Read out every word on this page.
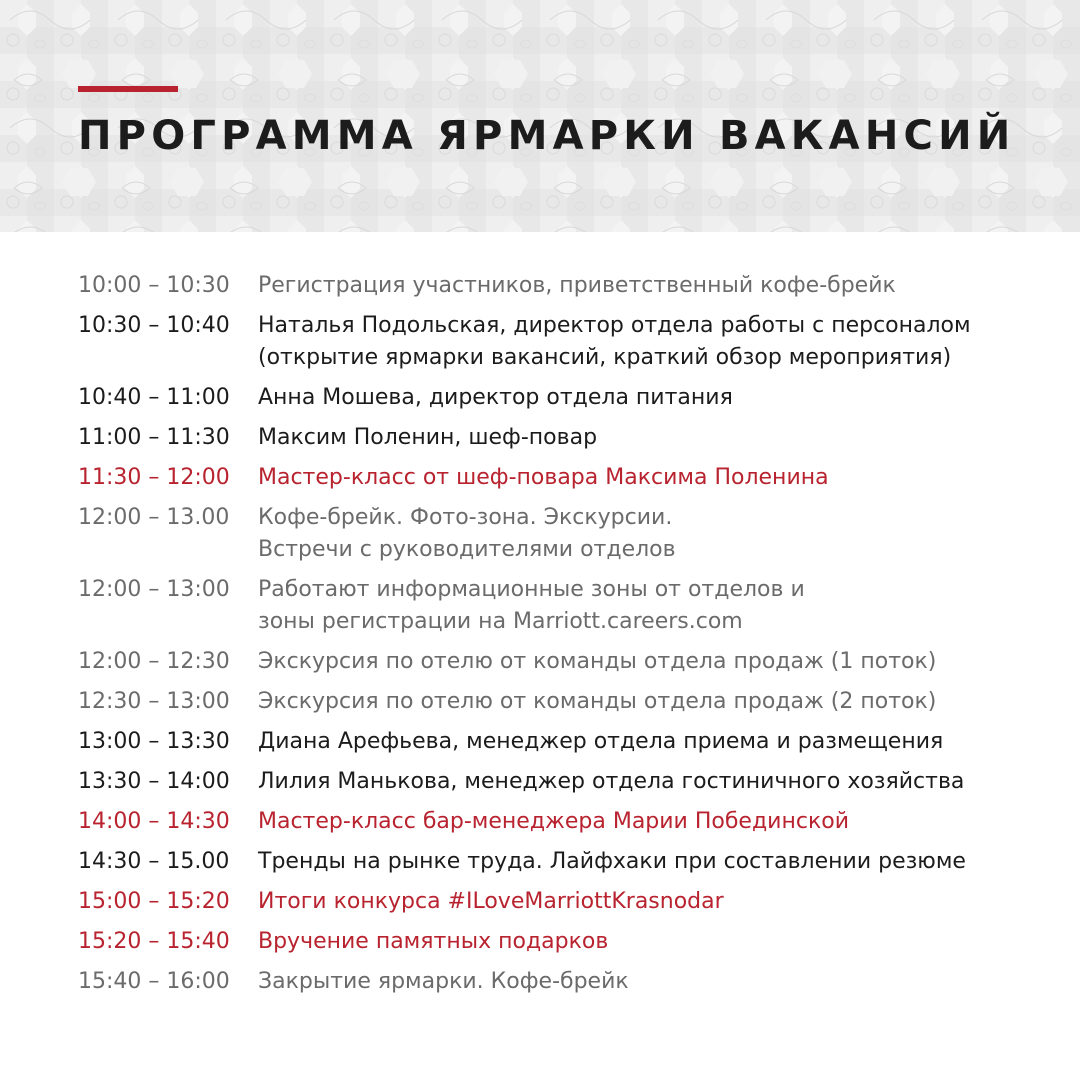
ПРОГРАММА ЯРМАРКИ ВАКАНСИЙ
10:00 – 10:30	Регистрация участников, приветственный кофе-брейк
10:30 – 10:40	Наталья Подольская, директор отдела работы с персоналом
(открытие ярмарки вакансий, краткий обзор мероприятия)
10:40 – 11:00	Анна Мошева, директор отдела питания
11:00 – 11:30	Максим Поленин, шеф-повар
11:30 – 12:00	Мастер-класс от шеф-повара Максима Поленина
12:00 – 13.00	Кофе-брейк. Фото-зона. Экскурсии.
Встречи с руководителями отделов
12:00 – 13:00	Работают информационные зоны от отделов и
зоны регистрации на Marriott.careers.com
12:00 – 12:30	Экскурсия по отелю от команды отдела продаж (1 поток)
12:30 – 13:00	Экскурсия по отелю от команды отдела продаж (2 поток)
13:00 – 13:30	Диана Арефьева, менеджер отдела приема и размещения
13:30 – 14:00	Лилия Манькова, менеджер отдела гостиничного хозяйства
14:00 – 14:30	Мастер-класс бар-менеджера Марии Побединской
14:30 – 15.00	Тренды на рынке труда. Лайфхаки при составлении резюме
15:00 – 15:20	Итоги конкурса #ILoveMarriottKrasnodar
15:20 – 15:40	Вручение памятных подарков
15:40 – 16:00	Закрытие ярмарки. Кофе-брейк
